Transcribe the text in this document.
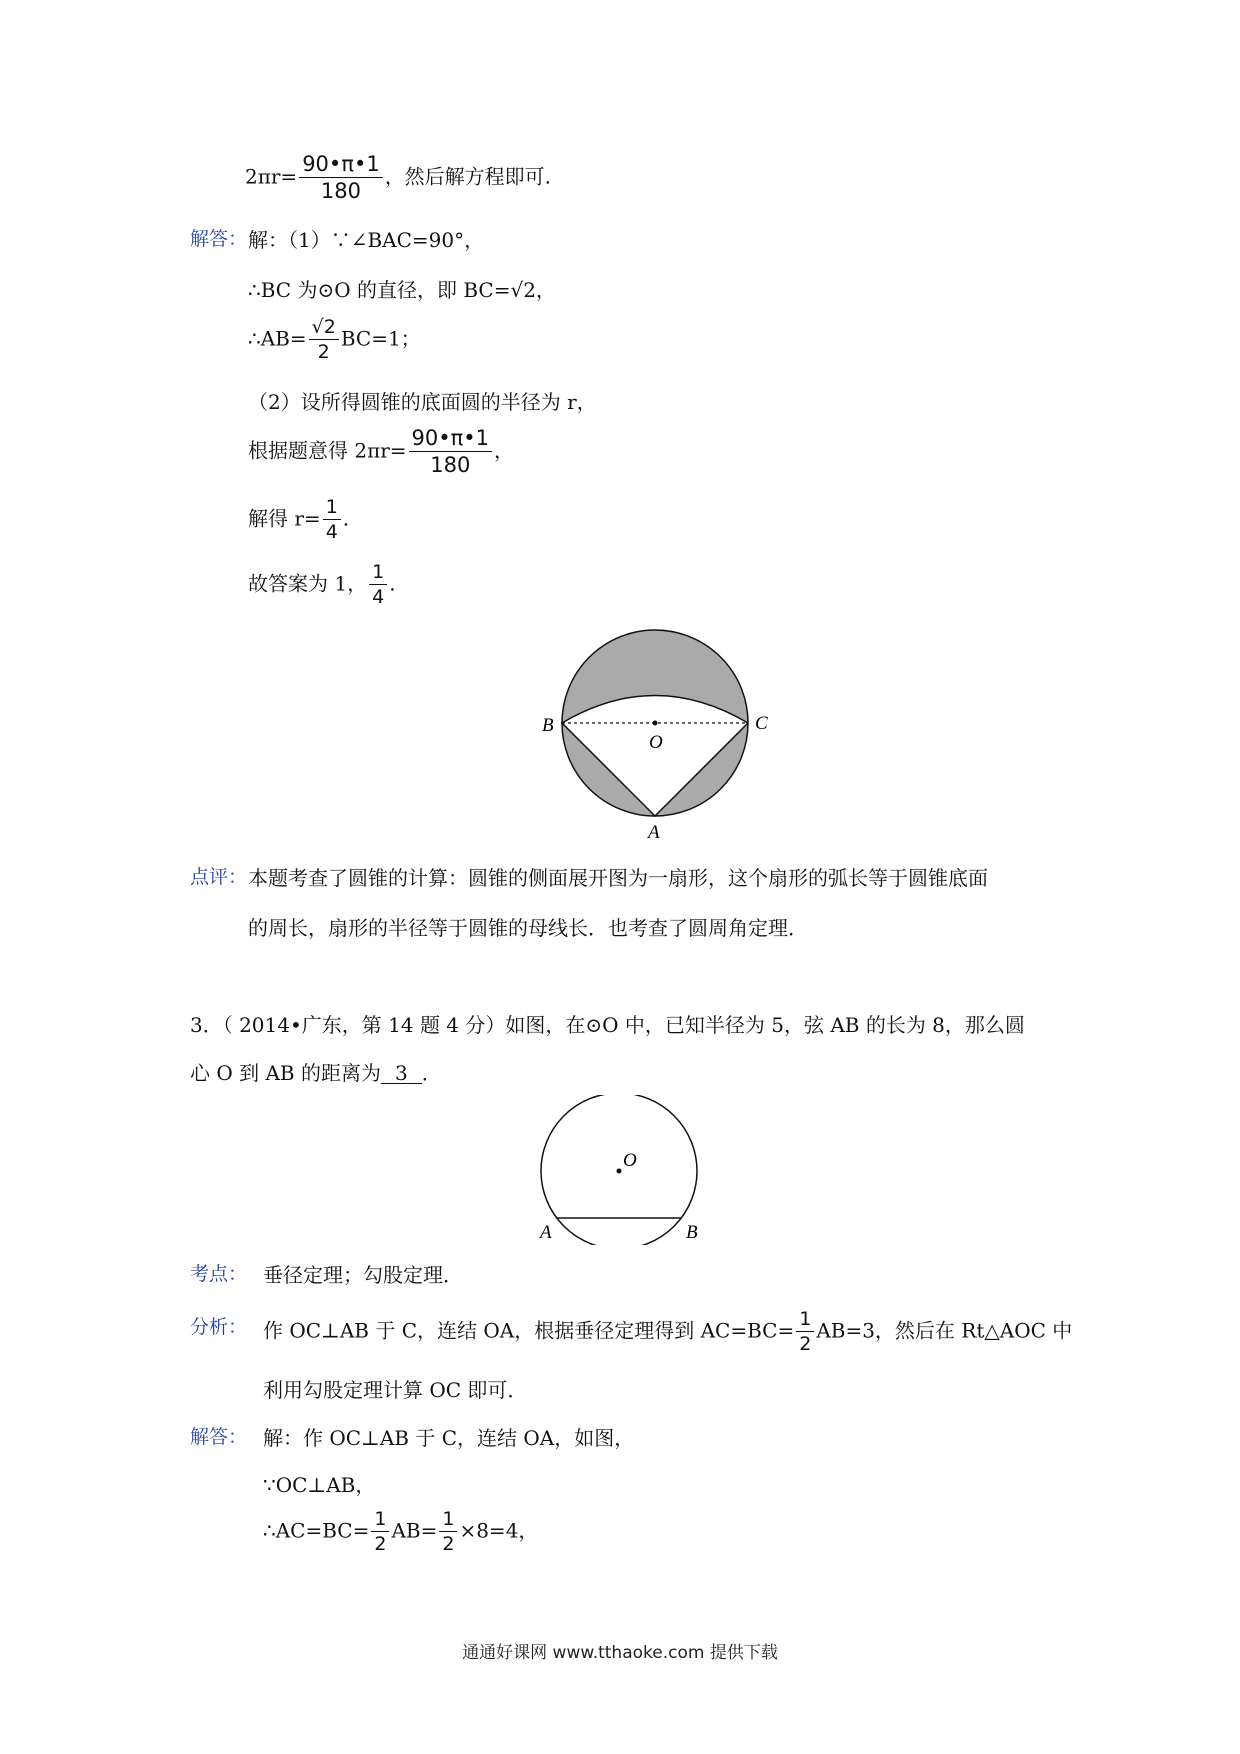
$2\pi r= \frac{90•\pi•1}{180}$ ，然后解方程即可.
解答： 解：（1）∵∠BAC=90°，
∴BC 为⊙O 的直径，即 BC=√2，
∴AB= $\frac{√2}{2} BC=1$；
（2）设所得圆锥的底面圆的半径为 r，
根据题意得 $2\pi r= \frac{90•\pi•1}{180}$ ，
解得 $r= \frac{1}{4}$ .
故答案为 1， $\frac{1}{4}$ .
B	C
O
A
点评： 本题考查了圆锥的计算：圆锥的侧面展开图为一扇形，这个扇形的弧长等于圆锥底面
的周长，扇形的半径等于圆锥的母线长．也考查了圆周角定理．
3．（ 2014•广东，第 14 题 4 分）如图，在⊙O 中，已知半径为 5，弦 AB 的长为 8，那么圆
心 O 到 AB 的距离为 3 ．
O
A	B
考点： 垂径定理；勾股定理．
分析： 作 OC⊥AB 于 C，连结 OA，根据垂径定理得到 $AC=BC= \frac{1}{2} AB=3$，然后在 Rt△AOC 中
利用勾股定理计算 OC 即可．
解答： 解：作 OC⊥AB 于 C，连结 OA，如图，
∵OC⊥AB，
∴AC=BC= $\frac{1}{2} AB= \frac{1}{2} \times 8=4$，
通通好课网 www.tthaoke.com 提供下载
